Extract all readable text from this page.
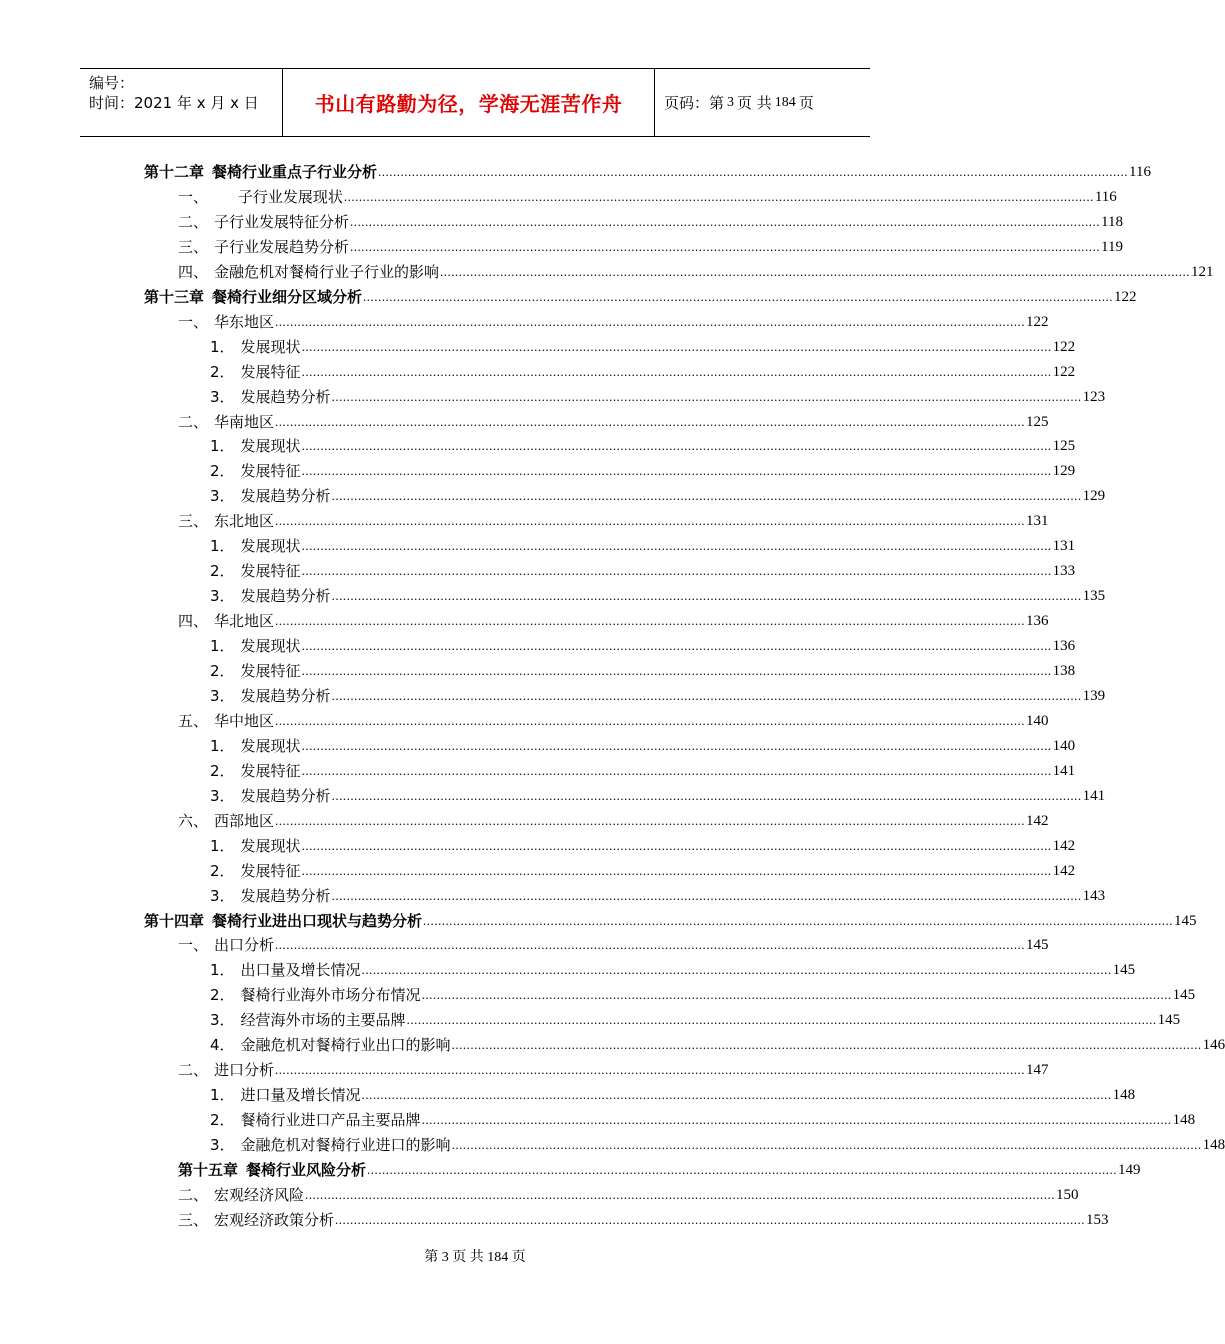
编号：
时间：2021 年 x 月 x 日	书山有路勤为径，学海无涯苦作舟	页码：第 3 页 共 184 页
第十二章 餐椅行业重点子行业分析 ........................................................................................................................................................................................................ 116
一、 子行业发展现状 ........................................................................................................................................................................................................ 116
二、 子行业发展特征分析 ........................................................................................................................................................................................................ 118
三、 子行业发展趋势分析 ........................................................................................................................................................................................................ 119
四、 金融危机对餐椅行业子行业的影响 ........................................................................................................................................................................................................ 121
第十三章 餐椅行业细分区域分析 ........................................................................................................................................................................................................ 122
一、 华东地区 ........................................................................................................................................................................................................ 122
1． 发展现状 ........................................................................................................................................................................................................ 122
2． 发展特征 ........................................................................................................................................................................................................ 122
3． 发展趋势分析 ........................................................................................................................................................................................................ 123
二、 华南地区 ........................................................................................................................................................................................................ 125
1． 发展现状 ........................................................................................................................................................................................................ 125
2． 发展特征 ........................................................................................................................................................................................................ 129
3． 发展趋势分析 ........................................................................................................................................................................................................ 129
三、 东北地区 ........................................................................................................................................................................................................ 131
1． 发展现状 ........................................................................................................................................................................................................ 131
2． 发展特征 ........................................................................................................................................................................................................ 133
3． 发展趋势分析 ........................................................................................................................................................................................................ 135
四、 华北地区 ........................................................................................................................................................................................................ 136
1． 发展现状 ........................................................................................................................................................................................................ 136
2． 发展特征 ........................................................................................................................................................................................................ 138
3． 发展趋势分析 ........................................................................................................................................................................................................ 139
五、 华中地区 ........................................................................................................................................................................................................ 140
1． 发展现状 ........................................................................................................................................................................................................ 140
2． 发展特征 ........................................................................................................................................................................................................ 141
3． 发展趋势分析 ........................................................................................................................................................................................................ 141
六、 西部地区 ........................................................................................................................................................................................................ 142
1． 发展现状 ........................................................................................................................................................................................................ 142
2． 发展特征 ........................................................................................................................................................................................................ 142
3． 发展趋势分析 ........................................................................................................................................................................................................ 143
第十四章 餐椅行业进出口现状与趋势分析 ........................................................................................................................................................................................................ 145
一、 出口分析 ........................................................................................................................................................................................................ 145
1． 出口量及增长情况 ........................................................................................................................................................................................................ 145
2． 餐椅行业海外市场分布情况 ........................................................................................................................................................................................................ 145
3． 经营海外市场的主要品牌 ........................................................................................................................................................................................................ 145
4． 金融危机对餐椅行业出口的影响 ........................................................................................................................................................................................................ 146
二、 进口分析 ........................................................................................................................................................................................................ 147
1． 进口量及增长情况 ........................................................................................................................................................................................................ 148
2． 餐椅行业进口产品主要品牌 ........................................................................................................................................................................................................ 148
3． 金融危机对餐椅行业进口的影响 ........................................................................................................................................................................................................ 148
第十五章 餐椅行业风险分析 ........................................................................................................................................................................................................ 149
二、 宏观经济风险 ........................................................................................................................................................................................................ 150
三、 宏观经济政策分析 ........................................................................................................................................................................................................ 153
第 3 页 共 184 页
